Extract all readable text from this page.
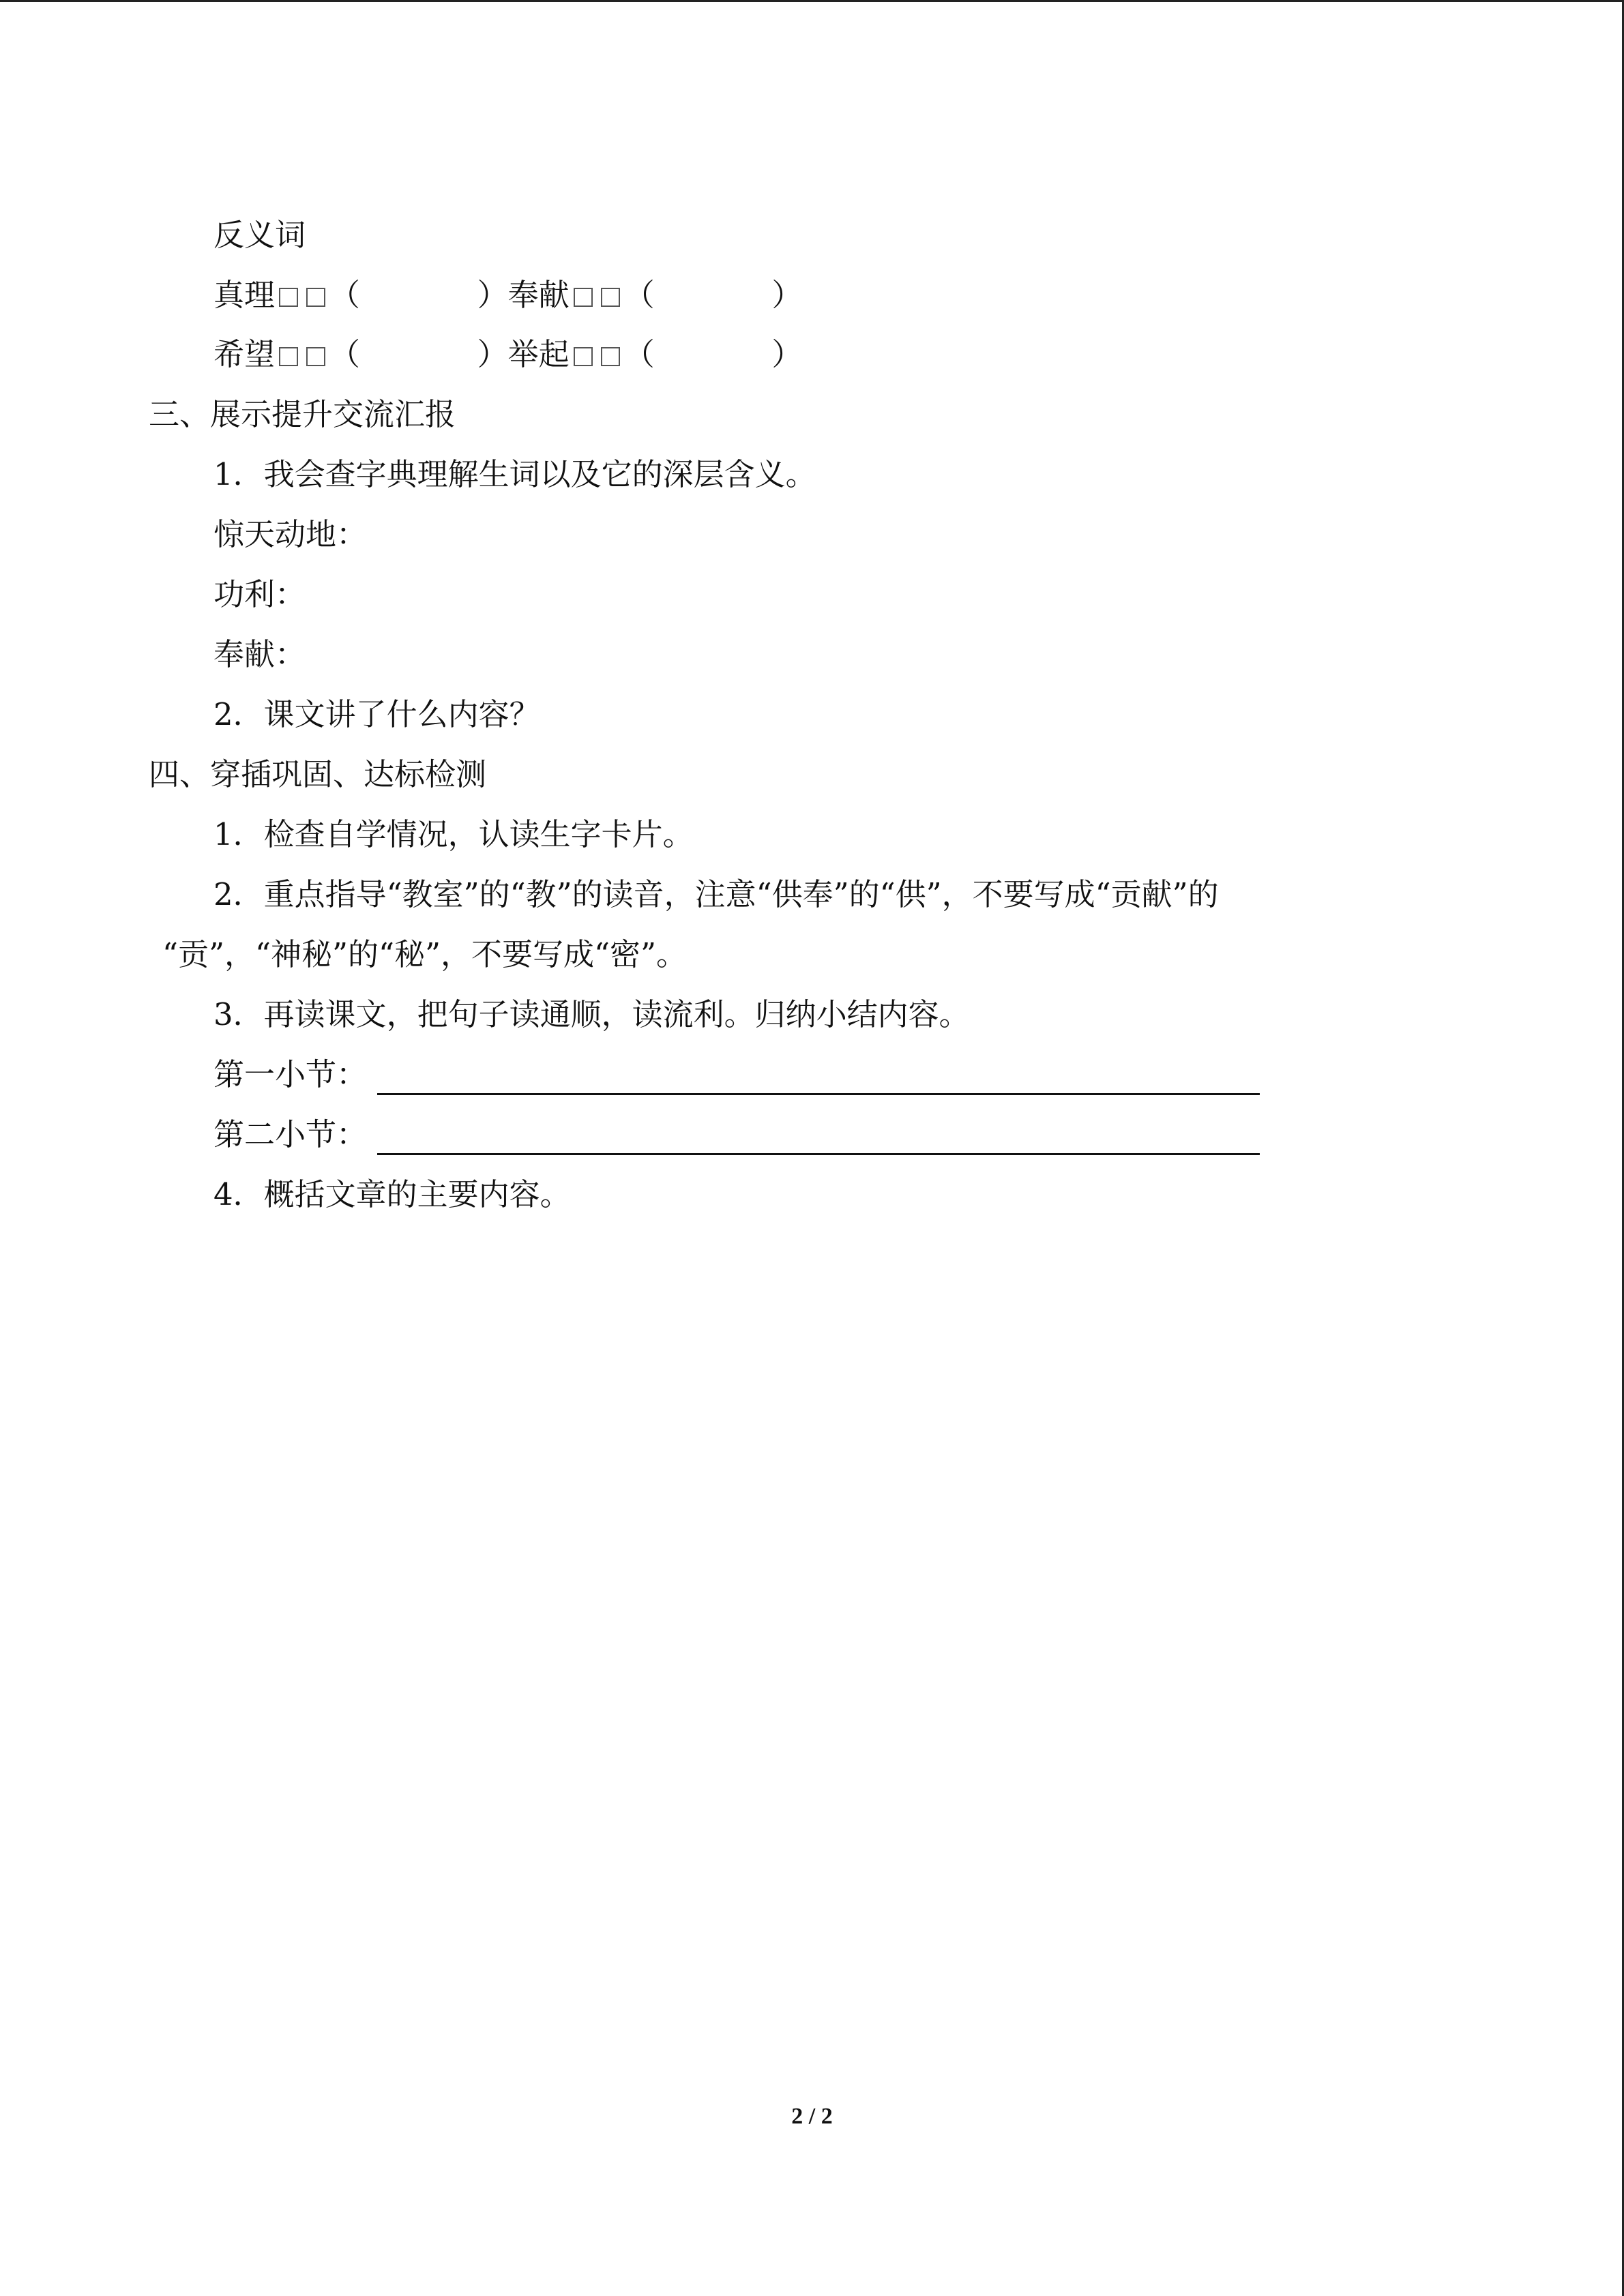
反义词
真理 （            ）奉献 （            ）
希望 （            ）举起 （            ）
三、展示提升交流汇报
1．我会查字典理解生词以及它的深层含义。
惊天动地：
功利：
奉献：
2．课文讲了什么内容？
四、穿插巩固、达标检测
1．检查自学情况，认读生字卡片。
2．重点指导“教室”的“教”的读音，注意“供奉”的“供”，不要写成“贡献”的
“贡”，“神秘”的“秘”，不要写成“密”。
3．再读课文，把句子读通顺，读流利。归纳小结内容。
第一小节：
第二小节：
4．概括文章的主要内容。
2 / 2
